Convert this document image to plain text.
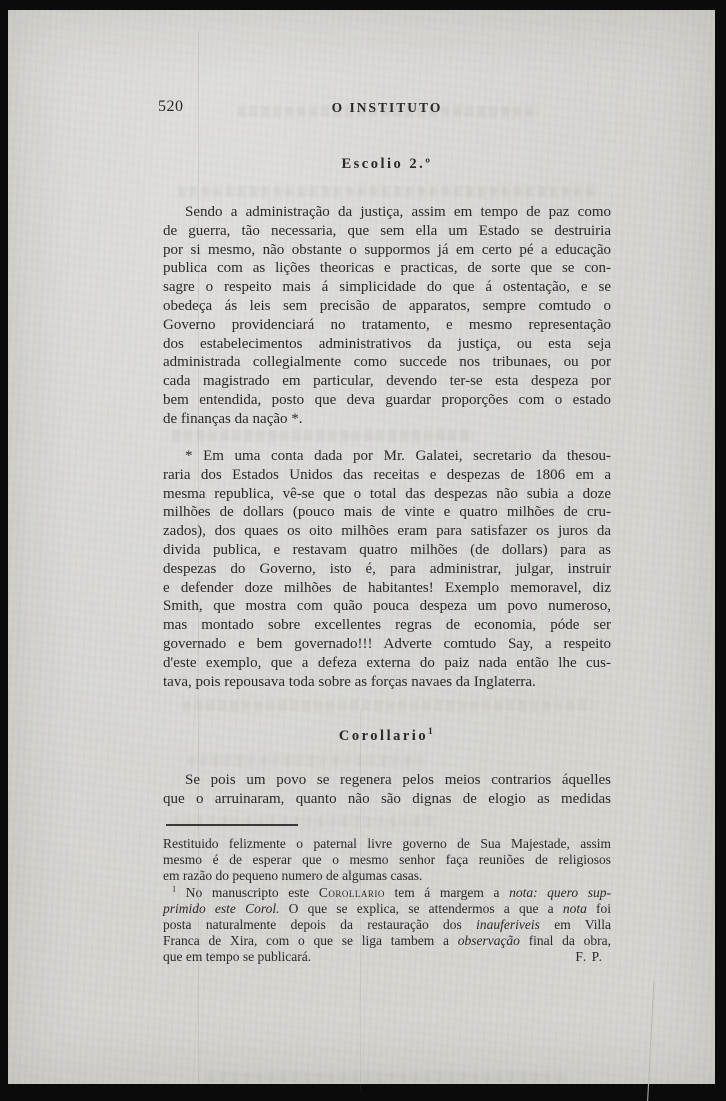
520	O INSTITUTO
Escolio 2.º
Sendo a administração da justiça, assim em tempo de paz como
de guerra, tão necessaria, que sem ella um Estado se destruiria
por si mesmo, não obstante o suppormos já em certo pé a educação
publica com as lições theoricas e practicas, de sorte que se con-
sagre o respeito mais á simplicidade do que á ostentação, e se
obedeça ás leis sem precisão de apparatos, sempre comtudo o
Governo providenciará no tratamento, e mesmo representação
dos estabelecimentos administrativos da justiça, ou esta seja
administrada collegialmente como succede nos tribunaes, ou por
cada magistrado em particular, devendo ter-se esta despeza por
bem entendida, posto que deva guardar proporções com o estado
de finanças da nação *.
* Em uma conta dada por Mr. Galatei, secretario da thesou-
raria dos Estados Unidos das receitas e despezas de 1806 em a
mesma republica, vê-se que o total das despezas não subia a doze
milhões de dollars (pouco mais de vinte e quatro milhões de cru-
zados), dos quaes os oito milhões eram para satisfazer os juros da
divida publica, e restavam quatro milhões (de dollars) para as
despezas do Governo, isto é, para administrar, julgar, instruir
e defender doze milhões de habitantes! Exemplo memoravel, diz
Smith, que mostra com quão pouca despeza um povo numeroso,
mas montado sobre excellentes regras de economia, póde ser
governado e bem governado!!! Adverte comtudo Say, a respeito
d'este exemplo, que a defeza externa do paiz nada então lhe cus-
tava, pois repousava toda sobre as forças navaes da Inglaterra.
Corollario$^1$
Se pois um povo se regenera pelos meios contrarios áquelles
que o arruinaram, quanto não são dignas de elogio as medidas
Restituido felizmente o paternal livre governo de Sua Majestade, assim
mesmo é de esperar que o mesmo senhor faça reuniões de religiosos
em razão do pequeno numero de algumas casas.
$^1$ No manuscripto este Corollario tem á margem a nota: quero sup-
primido este Corol. O que se explica, se attendermos a que a nota foi
posta naturalmente depois da restauração dos inauferiveis em Villa
Franca de Xira, com o que se liga tambem a observação final da obra,
F. P.
que em tempo se publicará.
